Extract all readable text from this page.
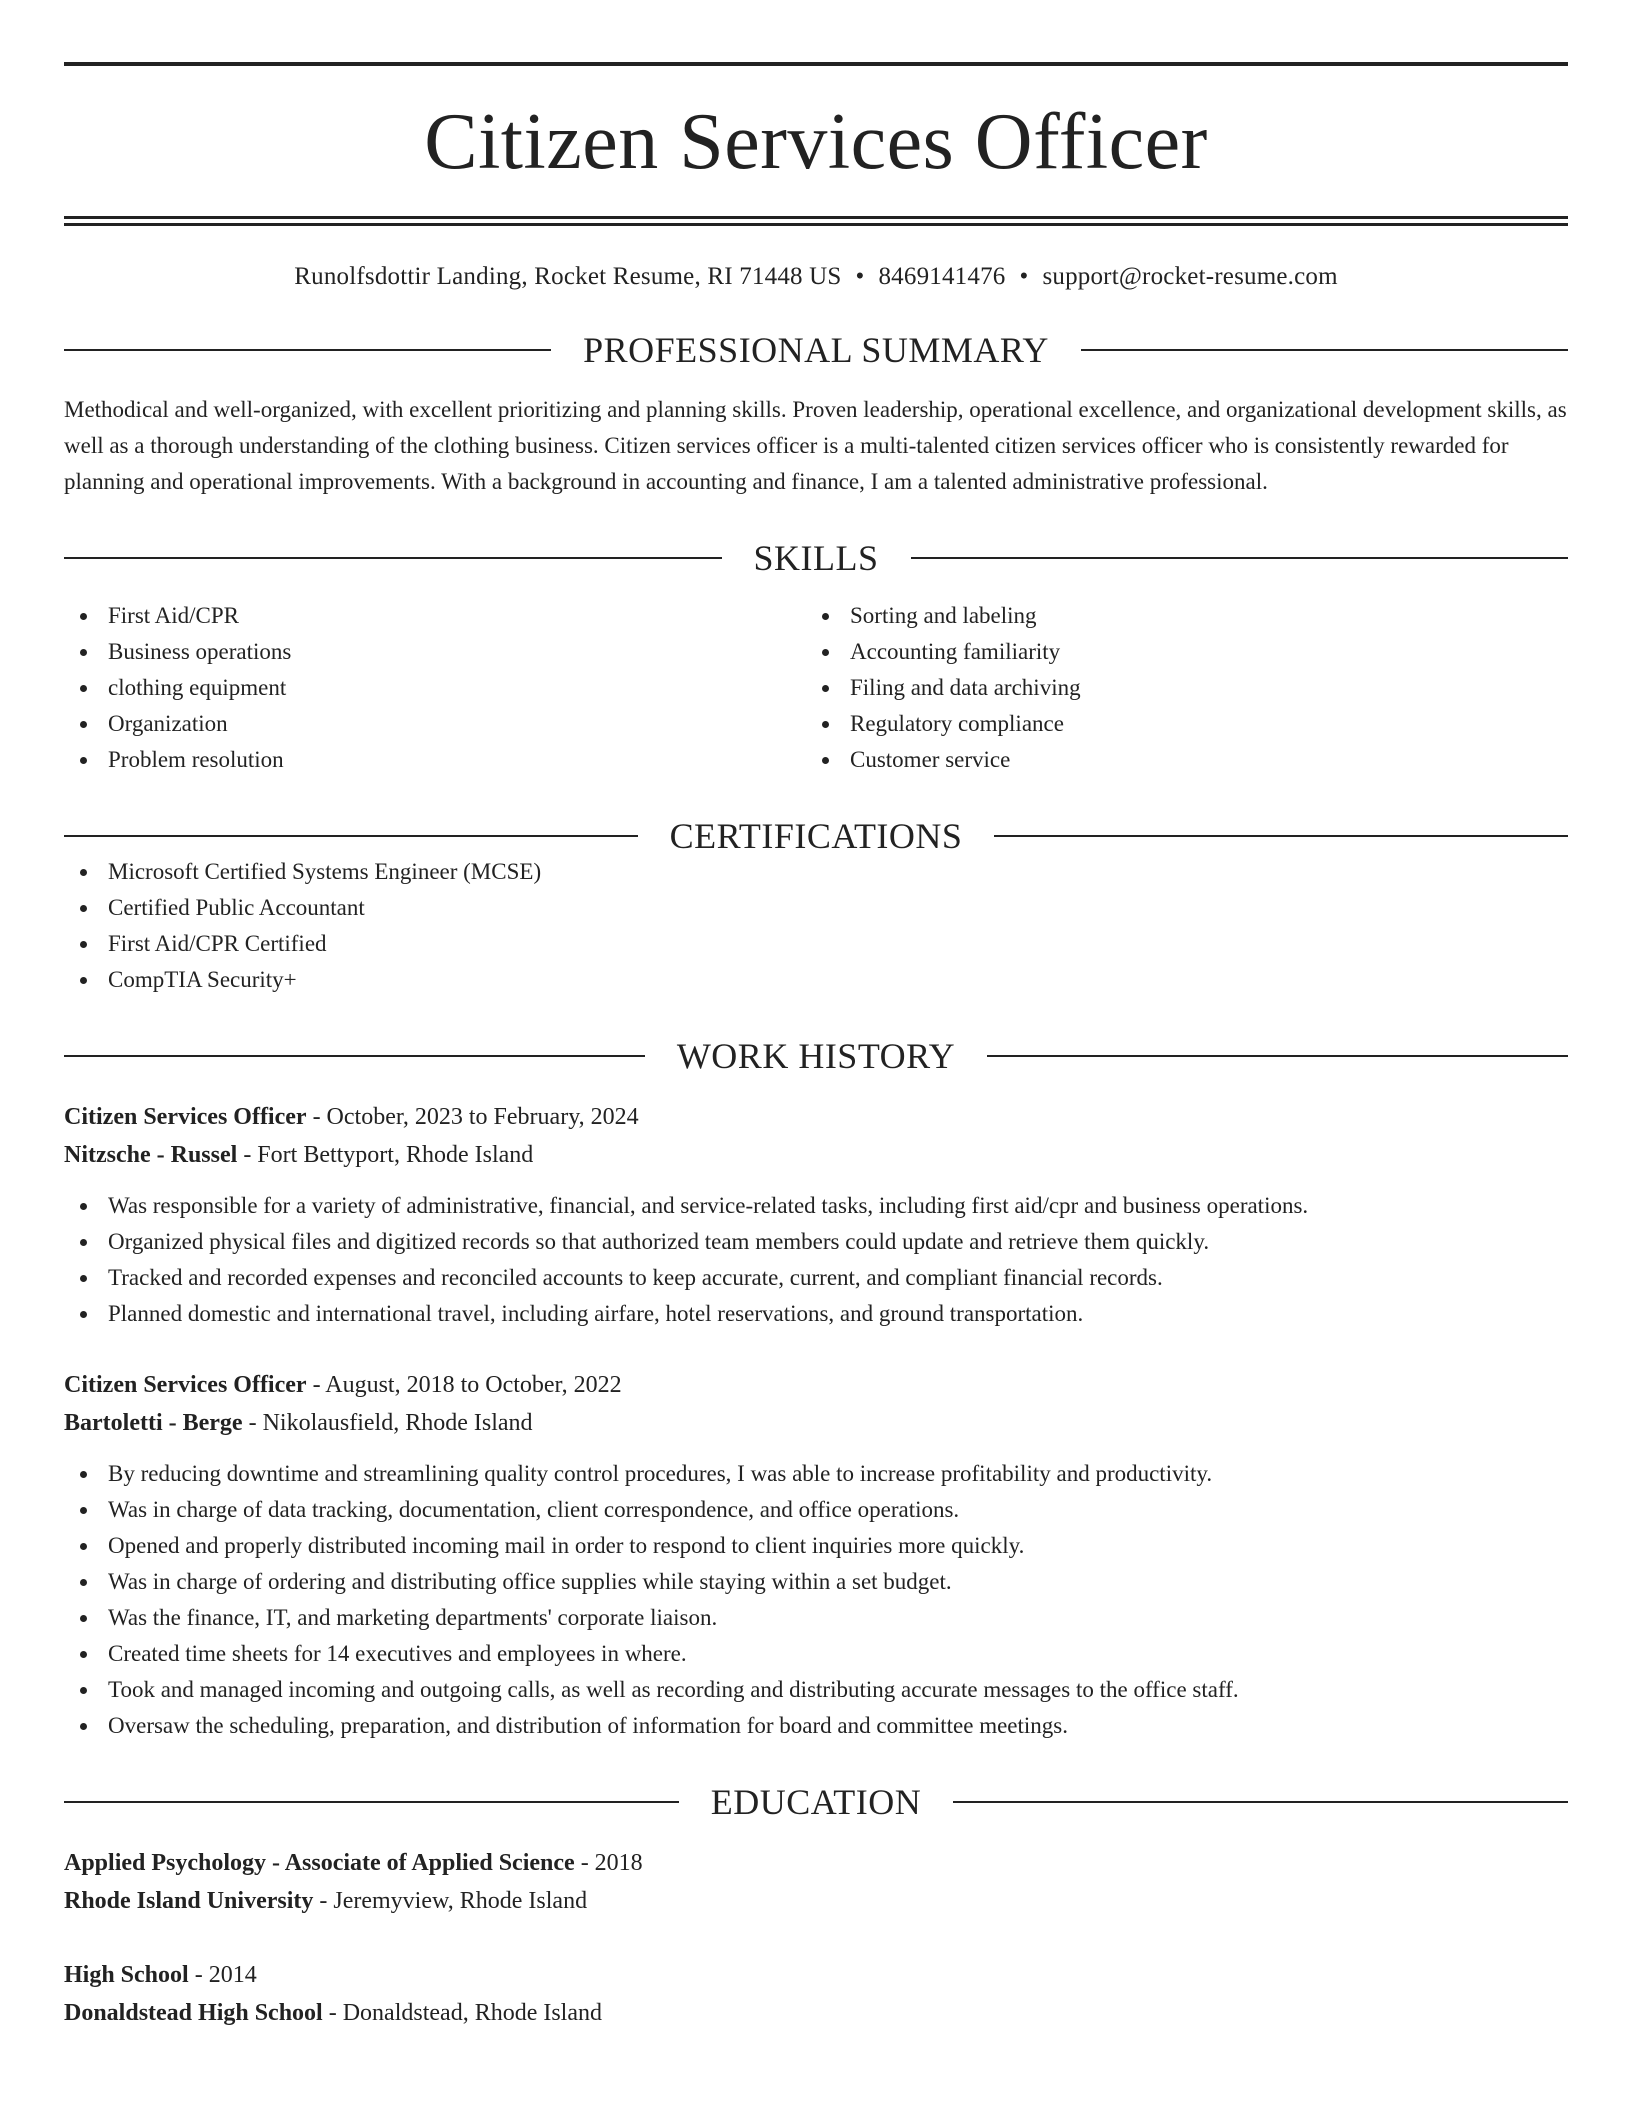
Citizen Services Officer
Runolfsdottir Landing, Rocket Resume, RI 71448 US • 8469141476 • support@rocket-resume.com
PROFESSIONAL SUMMARY

Methodical and well-organized, with excellent prioritizing and planning skills. Proven leadership, operational excellence, and organizational development skills, as well as a thorough understanding of the clothing business. Citizen services officer is a multi-talented citizen services officer who is consistently rewarded for planning and operational improvements. With a background in accounting and finance, I am a talented administrative professional.

SKILLS
First Aid/CPR
Business operations
clothing equipment
Organization
Problem resolution
Sorting and labeling
Accounting familiarity
Filing and data archiving
Regulatory compliance
Customer service
CERTIFICATIONS
Microsoft Certified Systems Engineer (MCSE)
Certified Public Accountant
First Aid/CPR Certified
CompTIA Security+
WORK HISTORY
Citizen Services Officer - October, 2023 to February, 2024
Nitzsche - Russel - Fort Bettyport, Rhode Island
Was responsible for a variety of administrative, financial, and service-related tasks, including first aid/cpr and business operations.
Organized physical files and digitized records so that authorized team members could update and retrieve them quickly.
Tracked and recorded expenses and reconciled accounts to keep accurate, current, and compliant financial records.
Planned domestic and international travel, including airfare, hotel reservations, and ground transportation.
Citizen Services Officer - August, 2018 to October, 2022
Bartoletti - Berge - Nikolausfield, Rhode Island
By reducing downtime and streamlining quality control procedures, I was able to increase profitability and productivity.
Was in charge of data tracking, documentation, client correspondence, and office operations.
Opened and properly distributed incoming mail in order to respond to client inquiries more quickly.
Was in charge of ordering and distributing office supplies while staying within a set budget.
Was the finance, IT, and marketing departments' corporate liaison.
Created time sheets for 14 executives and employees in where.
Took and managed incoming and outgoing calls, as well as recording and distributing accurate messages to the office staff.
Oversaw the scheduling, preparation, and distribution of information for board and committee meetings.
EDUCATION
Applied Psychology - Associate of Applied Science - 2018
Rhode Island University - Jeremyview, Rhode Island
High School - 2014
Donaldstead High School - Donaldstead, Rhode Island
